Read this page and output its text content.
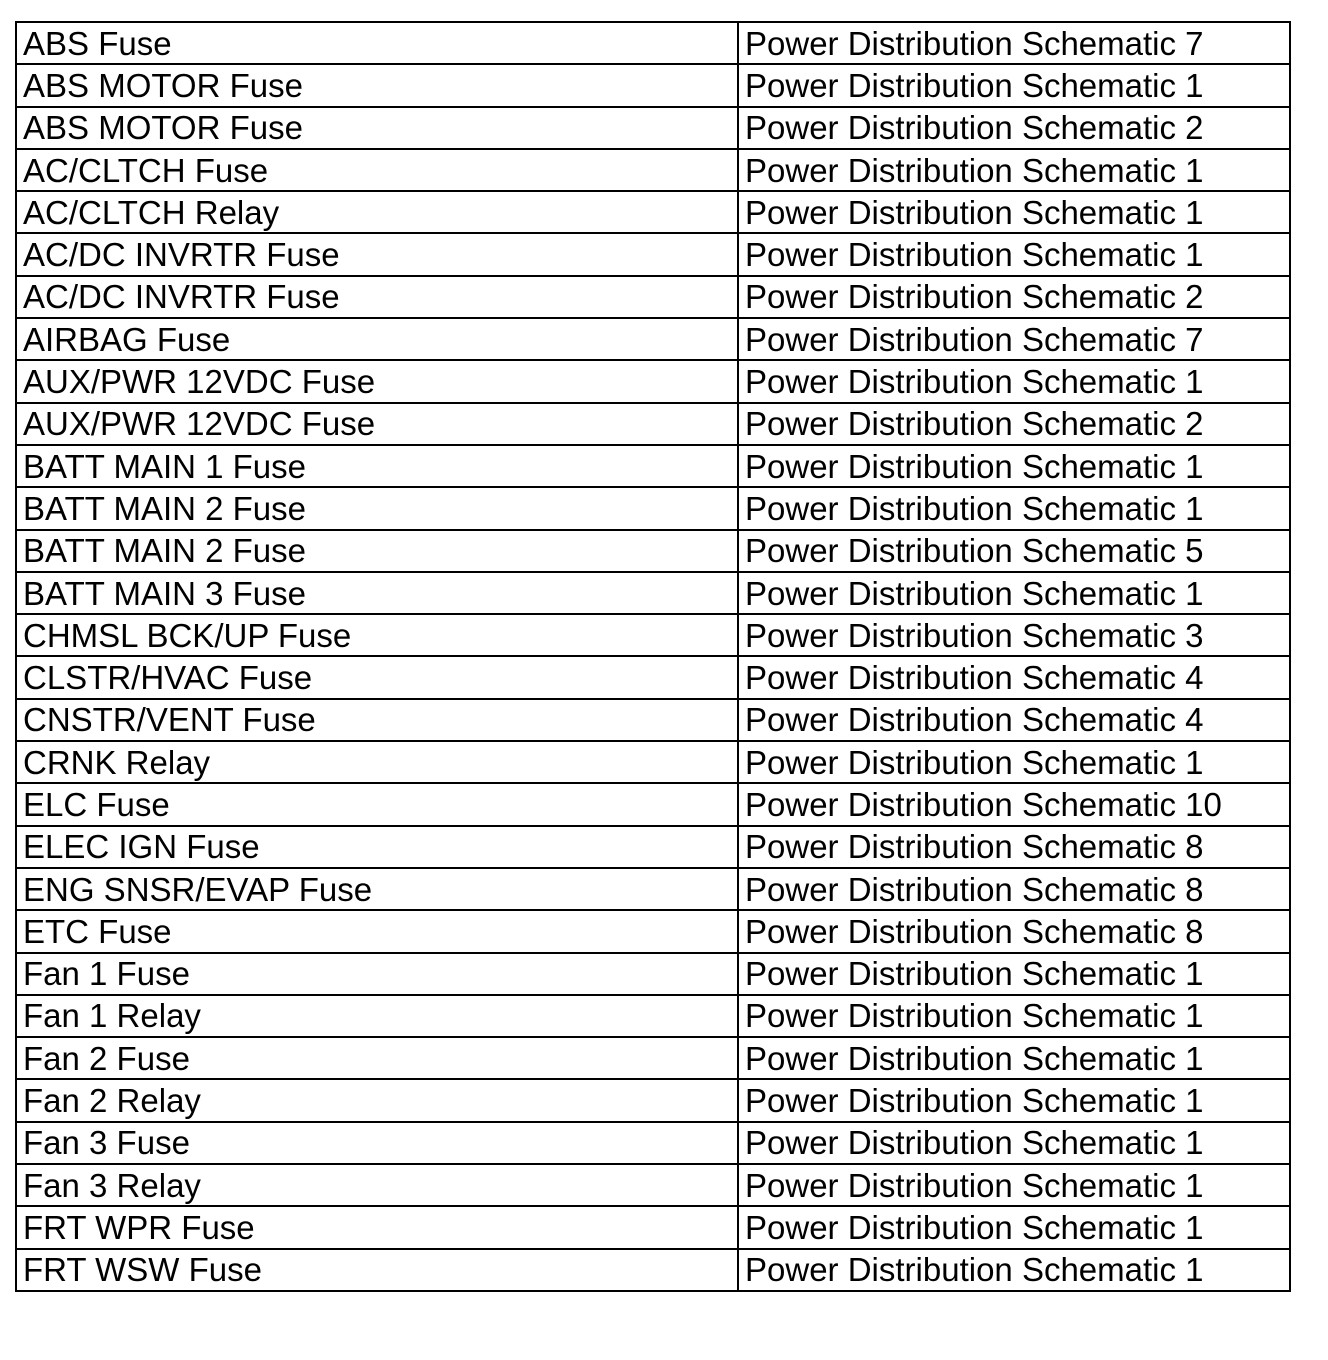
ABS Fuse	Power Distribution Schematic 7
ABS MOTOR Fuse	Power Distribution Schematic 1
ABS MOTOR Fuse	Power Distribution Schematic 2
AC/CLTCH Fuse	Power Distribution Schematic 1
AC/CLTCH Relay	Power Distribution Schematic 1
AC/DC INVRTR Fuse	Power Distribution Schematic 1
AC/DC INVRTR Fuse	Power Distribution Schematic 2
AIRBAG Fuse	Power Distribution Schematic 7
AUX/PWR 12VDC Fuse	Power Distribution Schematic 1
AUX/PWR 12VDC Fuse	Power Distribution Schematic 2
BATT MAIN 1 Fuse	Power Distribution Schematic 1
BATT MAIN 2 Fuse	Power Distribution Schematic 1
BATT MAIN 2 Fuse	Power Distribution Schematic 5
BATT MAIN 3 Fuse	Power Distribution Schematic 1
CHMSL BCK/UP Fuse	Power Distribution Schematic 3
CLSTR/HVAC Fuse	Power Distribution Schematic 4
CNSTR/VENT Fuse	Power Distribution Schematic 4
CRNK Relay	Power Distribution Schematic 1
ELC Fuse	Power Distribution Schematic 10
ELEC IGN Fuse	Power Distribution Schematic 8
ENG SNSR/EVAP Fuse	Power Distribution Schematic 8
ETC Fuse	Power Distribution Schematic 8
Fan 1 Fuse	Power Distribution Schematic 1
Fan 1 Relay	Power Distribution Schematic 1
Fan 2 Fuse	Power Distribution Schematic 1
Fan 2 Relay	Power Distribution Schematic 1
Fan 3 Fuse	Power Distribution Schematic 1
Fan 3 Relay	Power Distribution Schematic 1
FRT WPR Fuse	Power Distribution Schematic 1
FRT WSW Fuse	Power Distribution Schematic 1
